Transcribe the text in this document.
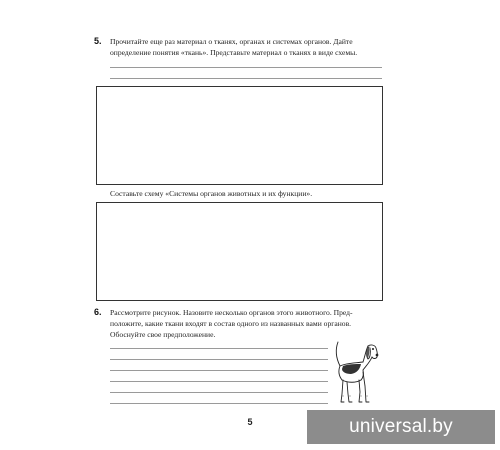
5. Прочитайте еще раз материал о тканях, органах и системах органов. Дайте
определение понятия «ткань». Представьте материал о тканях в виде схемы.
Составьте схему «Системы органов животных и их функции».
6. Рассмотрите рисунок. Назовите несколько органов этого животного. Пред-
положите, какие ткани входят в состав одного из названных вами органов.
Обоснуйте свое предположение.
5	universal.by
